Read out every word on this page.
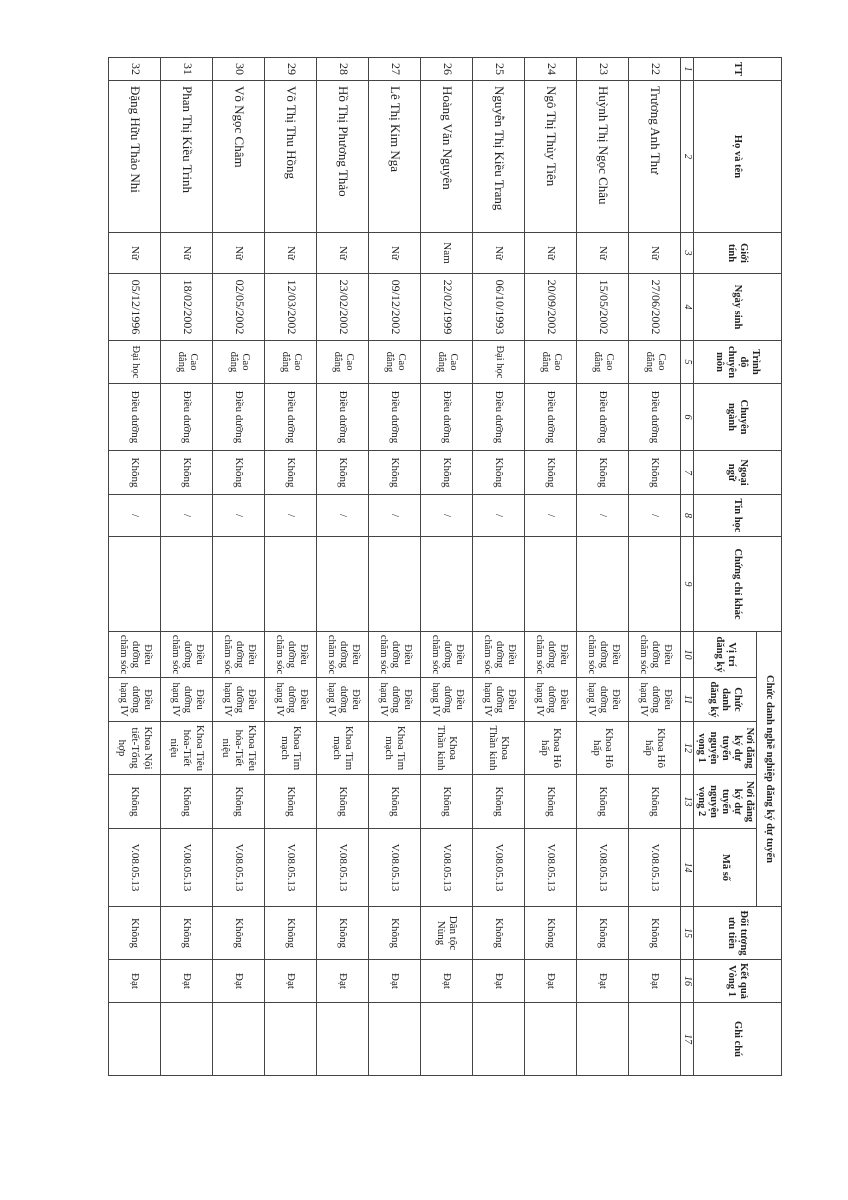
TT	Họ và tên	Giới tính	Ngày sinh	Trình độ chuyên môn	Chuyên ngành	Ngoại ngữ	Tin học	Chứng chỉ khác	Chức danh nghề nghiệp đăng ký dự tuyển					Đối tượng ưu tiên	Kết quả Vòng 1	Ghi chú
									Vị trí đăng ký	Chức danh đăng ký	Nơi đăng ký dự tuyển nguyện vọng 1	Nơi đăng ký dự tuyển nguyện vọng 2	Mã số			
1	2	3	4	5	6	7	8	9	10	11	12	13	14	15	16	17
22	Trương Anh Thư	Nữ	27/06/2002	Cao đẳng	Điều dưỡng	Không	/		Điều dưỡng chăm sóc	Điều dưỡng hạng IV	Khoa Hô hấp	Không	V.08.05.13	Không	Đạt	
23	Huỳnh Thị Ngọc Châu	Nữ	15/05/2002	Cao đẳng	Điều dưỡng	Không	/		Điều dưỡng chăm sóc	Điều dưỡng hạng IV	Khoa Hô hấp	Không	V.08.05.13	Không	Đạt	
24	Ngô Thị Thùy Tiên	Nữ	20/09/2002	Cao đẳng	Điều dưỡng	Không	/		Điều dưỡng chăm sóc	Điều dưỡng hạng IV	Khoa Hô hấp	Không	V.08.05.13	Không	Đạt	
25	Nguyễn Thị Kiều Trang	Nữ	06/10/1993	Đại học	Điều dưỡng	Không	/		Điều dưỡng chăm sóc	Điều dưỡng hạng IV	Khoa Thần kinh	Không	V.08.05.13	Không	Đạt	
26	Hoàng Văn Nguyên	Nam	22/02/1999	Cao đẳng	Điều dưỡng	Không	/		Điều dưỡng chăm sóc	Điều dưỡng hạng IV	Khoa Thần kinh	Không	V.08.05.13	Dân tộc Nùng	Đạt	
27	Lê Thị Kim Nga	Nữ	09/12/2002	Cao đẳng	Điều dưỡng	Không	/		Điều dưỡng chăm sóc	Điều dưỡng hạng IV	Khoa Tim mạch	Không	V.08.05.13	Không	Đạt	
28	Hồ Thị Phương Thảo	Nữ	23/02/2002	Cao đẳng	Điều dưỡng	Không	/		Điều dưỡng chăm sóc	Điều dưỡng hạng IV	Khoa Tim mạch	Không	V.08.05.13	Không	Đạt	
29	Võ Thị Thu Hồng	Nữ	12/03/2002	Cao đẳng	Điều dưỡng	Không	/		Điều dưỡng chăm sóc	Điều dưỡng hạng IV	Khoa Tim mạch	Không	V.08.05.13	Không	Đạt	
30	Võ Ngọc Châm	Nữ	02/05/2002	Cao đẳng	Điều dưỡng	Không	/		Điều dưỡng chăm sóc	Điều dưỡng hạng IV	Khoa Tiêu hóa-Tiết niệu	Không	V.08.05.13	Không	Đạt	
31	Phan Thị Kiều Trinh	Nữ	18/02/2002	Cao đẳng	Điều dưỡng	Không	/		Điều dưỡng chăm sóc	Điều dưỡng hạng IV	Khoa Tiêu hóa-Tiết niệu	Không	V.08.05.13	Không	Đạt	
32	Đặng Hữu Thảo Nhi	Nữ	05/12/1996	Đại học	Điều dưỡng	Không	/		Điều dưỡng chăm sóc	Điều dưỡng hạng IV	Khoa Nội tiết-Tổng hợp	Không	V.08.05.13	Không	Đạt	
